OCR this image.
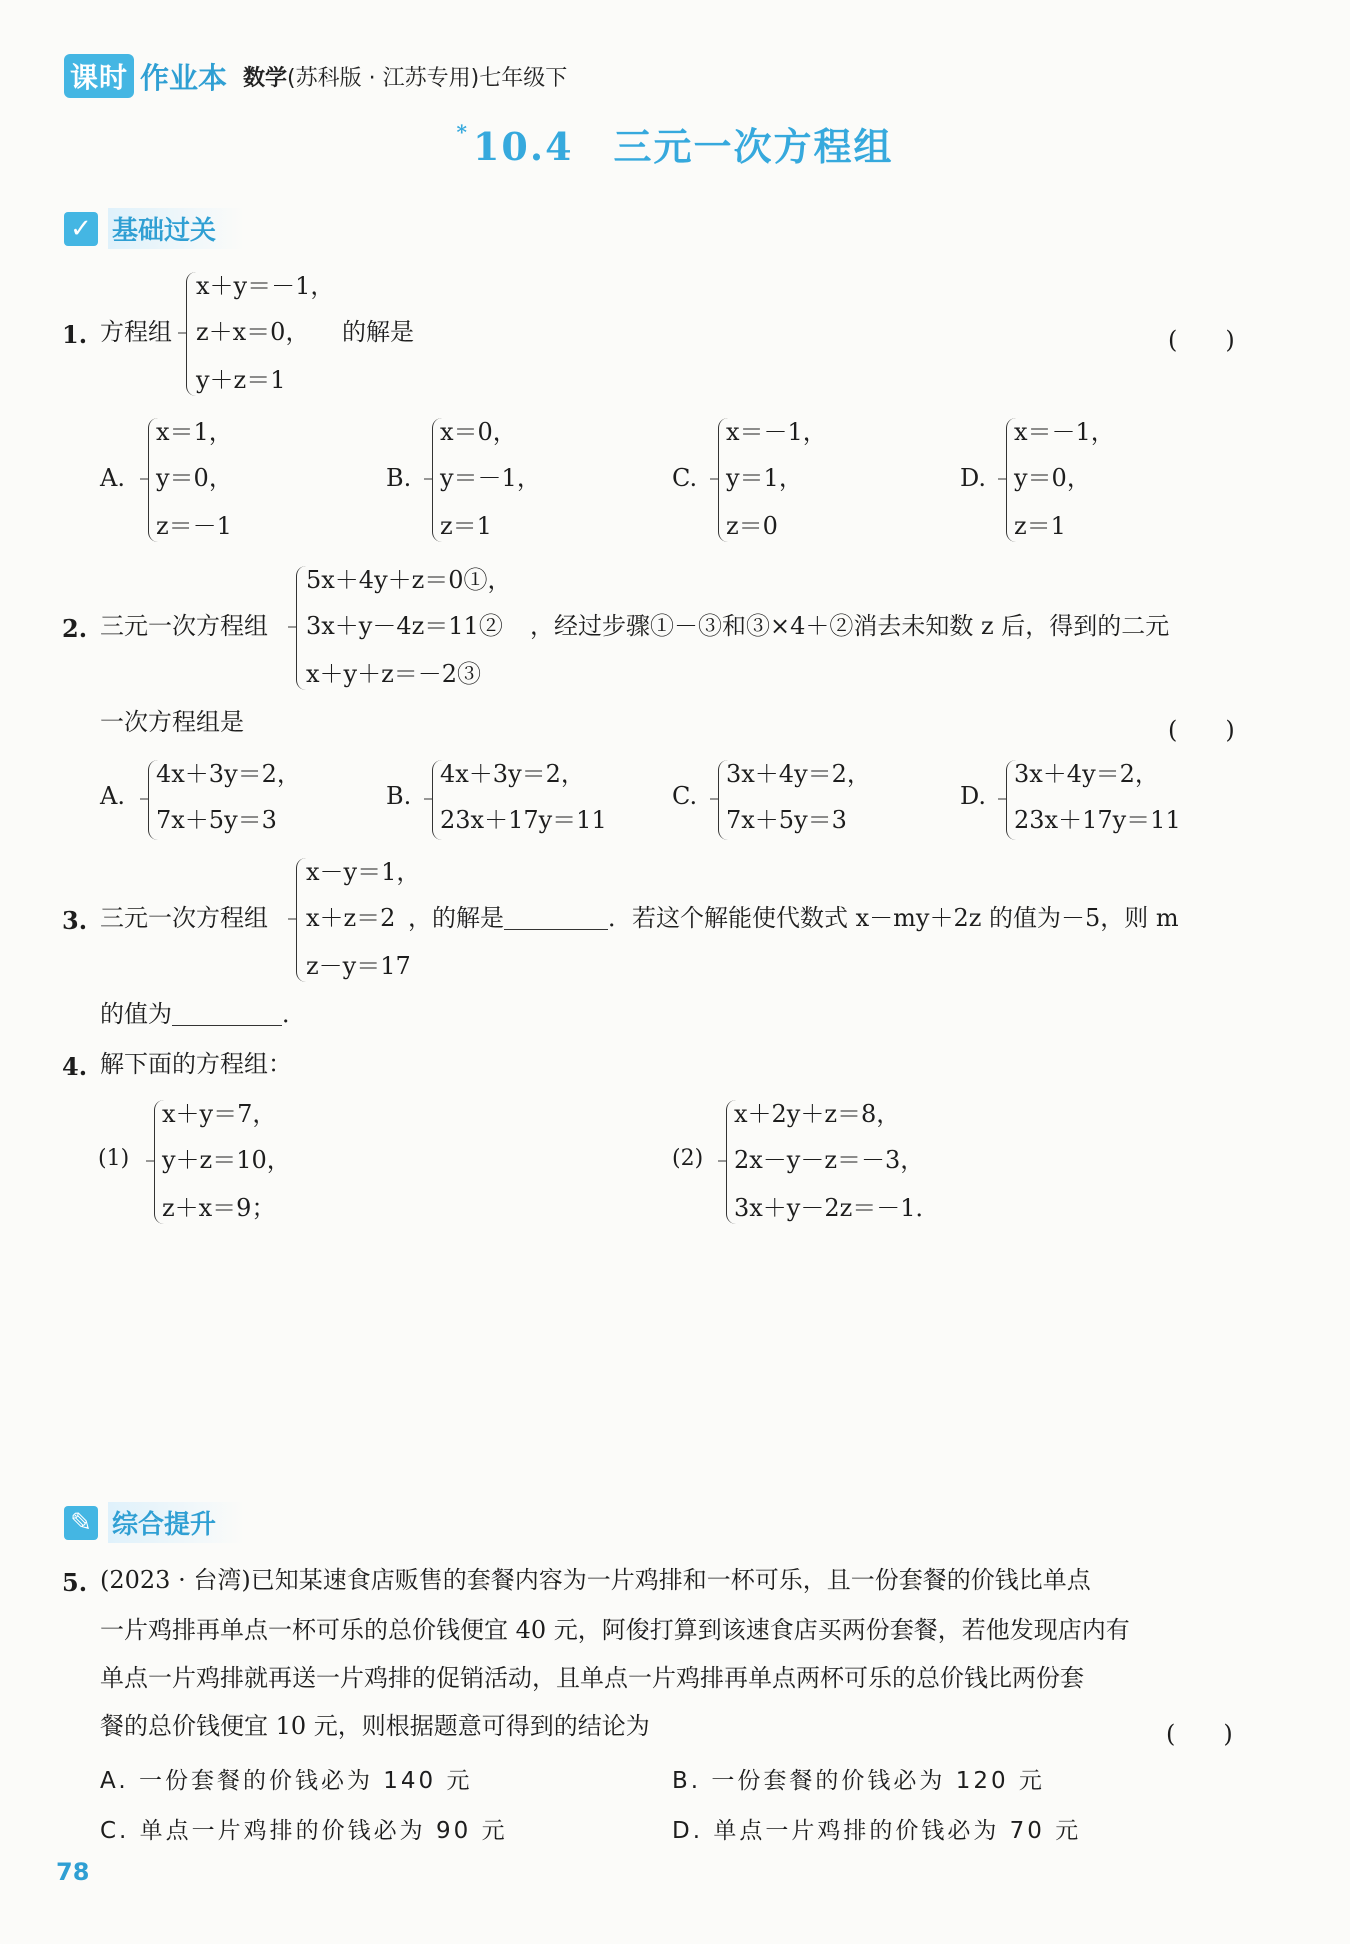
课时 作业本 数学 (苏科版 · 江苏专用)七年级下
* 10.4　三元一次方程组
✓ 基础过关
1. 方程组
x＋y＝－1，
z＋x＝0，
y＋z＝1
的解是	(　　)
A.
x＝1，
y＝0，
z＝－1
B.
x＝0，
y＝－1，
z＝1
C.
x＝－1，
y＝1，
z＝0
D.
x＝－1，
y＝0，
z＝1
2. 三元一次方程组
5x＋4y＋z＝0①，
3x＋y－4z＝11②
x＋y＋z＝－2③
，经过步骤①－③和③×4＋②消去未知数 z 后，得到的二元
一次方程组是	(　　)
A.
4x＋3y＝2，
7x＋5y＝3
B.
4x＋3y＝2，
23x＋17y＝11
C.
3x＋4y＝2，
7x＋5y＝3
D.
3x＋4y＝2，
23x＋17y＝11
3. 三元一次方程组
x－y＝1，
x＋z＝2
z－y＝17
，的解是	．若这个解能使代数式 x－my＋2z 的值为－5，则 m
的值为	．
4. 解下面的方程组：
(1)
x＋y＝7，
y＋z＝10，
z＋x＝9；
(2)
x＋2y＋z＝8，
2x－y－z＝－3，
3x＋y－2z＝－1．
✎ 综合提升
5. (2023 · 台湾)已知某速食店贩售的套餐内容为一片鸡排和一杯可乐，且一份套餐的价钱比单点
一片鸡排再单点一杯可乐的总价钱便宜 40 元，阿俊打算到该速食店买两份套餐，若他发现店内有
单点一片鸡排就再送一片鸡排的促销活动，且单点一片鸡排再单点两杯可乐的总价钱比两份套
餐的总价钱便宜 10 元，则根据题意可得到的结论为	(　　)
A. 一份套餐的价钱必为 140 元	B. 一份套餐的价钱必为 120 元
C. 单点一片鸡排的价钱必为 90 元	D. 单点一片鸡排的价钱必为 70 元
78
